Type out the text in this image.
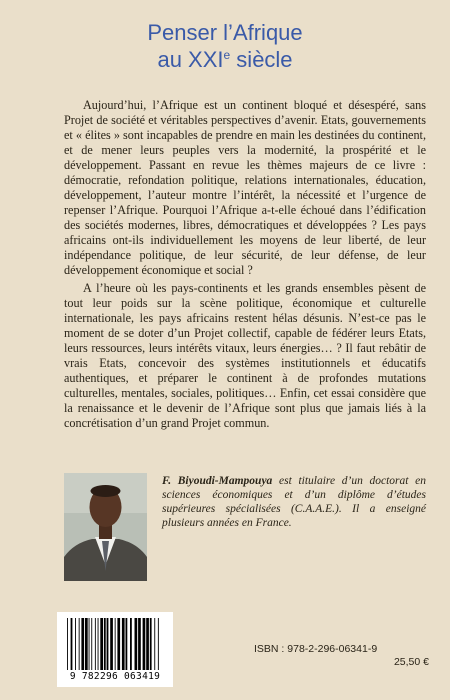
Penser l’Afrique
au XXIe siècle

Aujourd’hui, l’Afrique est un continent bloqué et désespéré, sans Projet de société et véritables perspectives d’avenir. Etats, gouvernements et « élites » sont incapables de prendre en main les destinées du continent, et de mener leurs peuples vers la modernité, la prospérité et le développement. Passant en revue les thèmes majeurs de ce livre : démocratie, refondation politique, relations internationales, éducation, développement, l’auteur montre l’intérêt, la nécessité et l’urgence de repenser l’Afrique. Pourquoi l’Afrique a-t-elle échoué dans l’édification des sociétés modernes, libres, démocratiques et développées ? Les pays africains ont-ils individuellement les moyens de leur liberté, de leur indépendance politique, de leur sécurité, de leur défense, de leur développement économique et social ?

A l’heure où les pays-continents et les grands ensembles pèsent de tout leur poids sur la scène politique, économique et culturelle internationale, les pays africains restent hélas désunis. N’est-ce pas le moment de se doter d’un Projet collectif, capable de fédérer leurs Etats, leurs ressources, leurs intérêts vitaux, leurs énergies… ? Il faut rebâtir de vrais Etats, concevoir des systèmes institutionnels et éducatifs authentiques, et préparer le continent à de profondes mutations culturelles, mentales, sociales, politiques… Enfin, cet essai considère que la renaissance et le devenir de l’Afrique sont plus que jamais liés à la concrétisation d’un grand Projet commun.

F. Biyoudi-Mampouya est titulaire d’un doctorat en sciences économiques et d’un diplôme d’études supérieures spécialisées (C.A.A.E.). Il a enseigné plusieurs années en France.
9 782296 063419
ISBN : 978-2-296-06341-9
25,50 €
